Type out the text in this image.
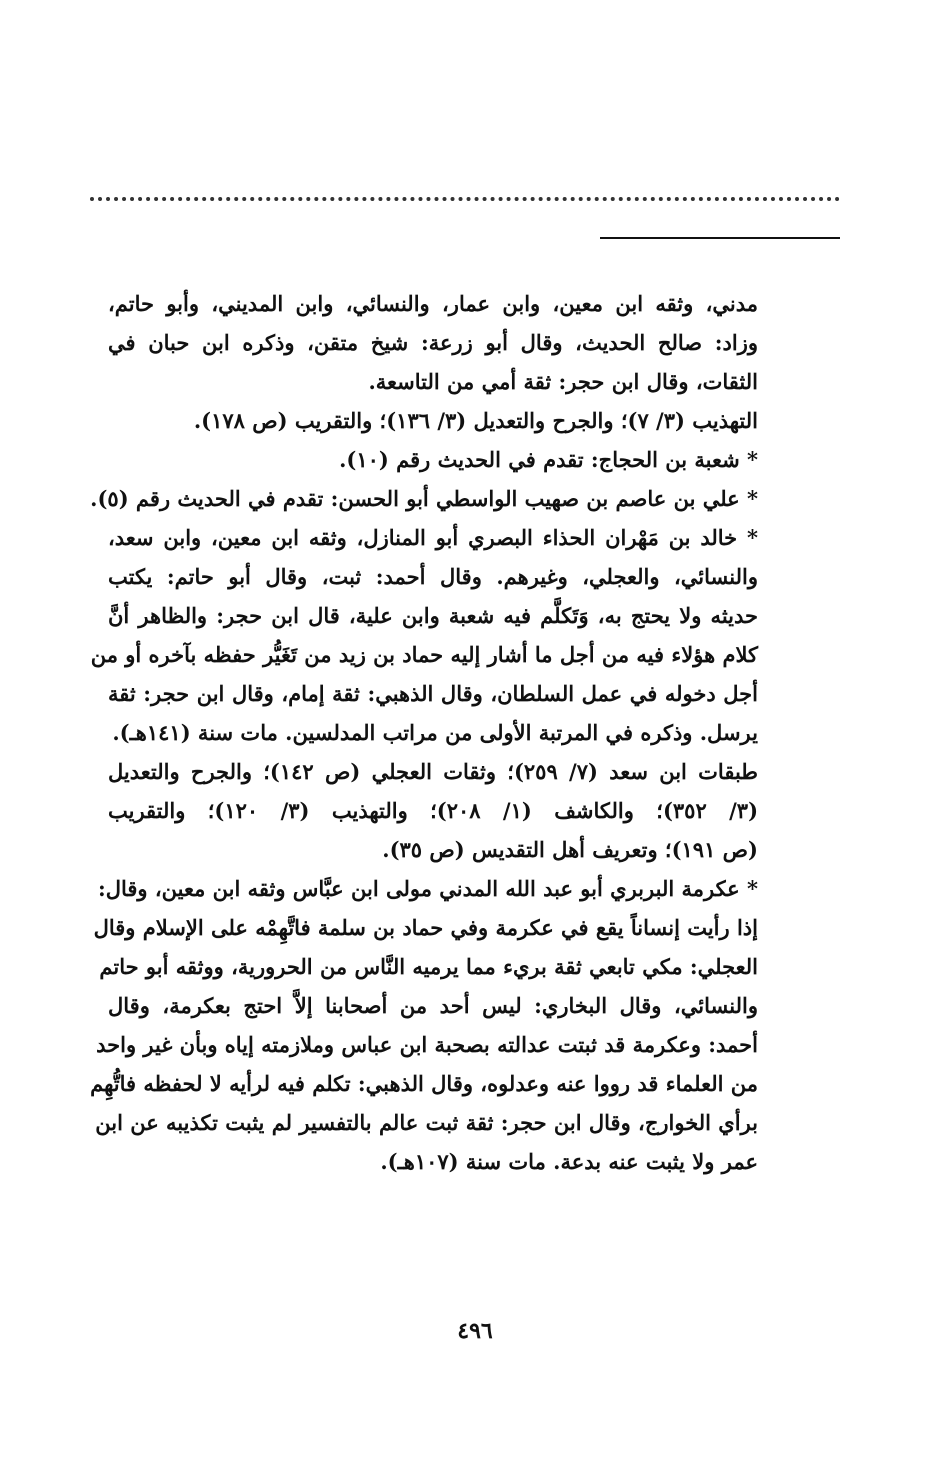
مدني، وثقه ابن معين، وابن عمار، والنسائي، وابن المديني، وأبو حاتم،
وزاد: صالح الحديث، وقال أبو زرعة: شيخ متقن، وذكره ابن حبان في
الثقات، وقال ابن حجر: ثقة أمي من التاسعة.
التهذيب (٣/ ٧)؛ والجرح والتعديل (٣/ ١٣٦)؛ والتقريب (ص ١٧٨).
* شعبة بن الحجاج: تقدم في الحديث رقم (١٠).
* علي بن عاصم بن صهيب الواسطي أبو الحسن: تقدم في الحديث رقم (٥).
* خالد بن مَهْران الحذاء البصري أبو المنازل، وثقه ابن معين، وابن سعد،
والنسائي، والعجلي، وغيرهم. وقال أحمد: ثبت، وقال أبو حاتم: يكتب
حديثه ولا يحتج به، وَتَكلَّم فيه شعبة وابن علية، قال ابن حجر: والظاهر أنَّ
كلام هؤلاء فيه من أجل ما أشار إليه حماد بن زيد من تَغَيُّر حفظه بآخره أو من
أجل دخوله في عمل السلطان، وقال الذهبي: ثقة إمام، وقال ابن حجر: ثقة
يرسل. وذكره في المرتبة الأولى من مراتب المدلسين. مات سنة (١٤١هـ).
طبقات ابن سعد (٧/ ٢٥٩)؛ وثقات العجلي (ص ١٤٢)؛ والجرح والتعديل
(٣/ ٣٥٢)؛ والكاشف (١/ ٢٠٨)؛ والتهذيب (٣/ ١٢٠)؛ والتقريب
(ص ١٩١)؛ وتعريف أهل التقديس (ص ٣٥).
* عكرمة البربري أبو عبد الله المدني مولى ابن عبَّاس وثقه ابن معين، وقال:
إذا رأيت إنساناً يقع في عكرمة وفي حماد بن سلمة فاتَّهِمْه على الإسلام وقال
العجلي: مكي تابعي ثقة بريء مما يرميه النَّاس من الحرورية، ووثقه أبو حاتم
والنسائي، وقال البخاري: ليس أحد من أصحابنا إلاَّ احتج بعكرمة، وقال
أحمد: وعكرمة قد ثبتت عدالته بصحبة ابن عباس وملازمته إياه وبأن غير واحد
من العلماء قد رووا عنه وعدلوه، وقال الذهبي: تكلم فيه لرأيه لا لحفظه فاتُّهِم
برأي الخوارج، وقال ابن حجر: ثقة ثبت عالم بالتفسير لم يثبت تكذيبه عن ابن
عمر ولا يثبت عنه بدعة. مات سنة (١٠٧هـ).
٤٩٦
